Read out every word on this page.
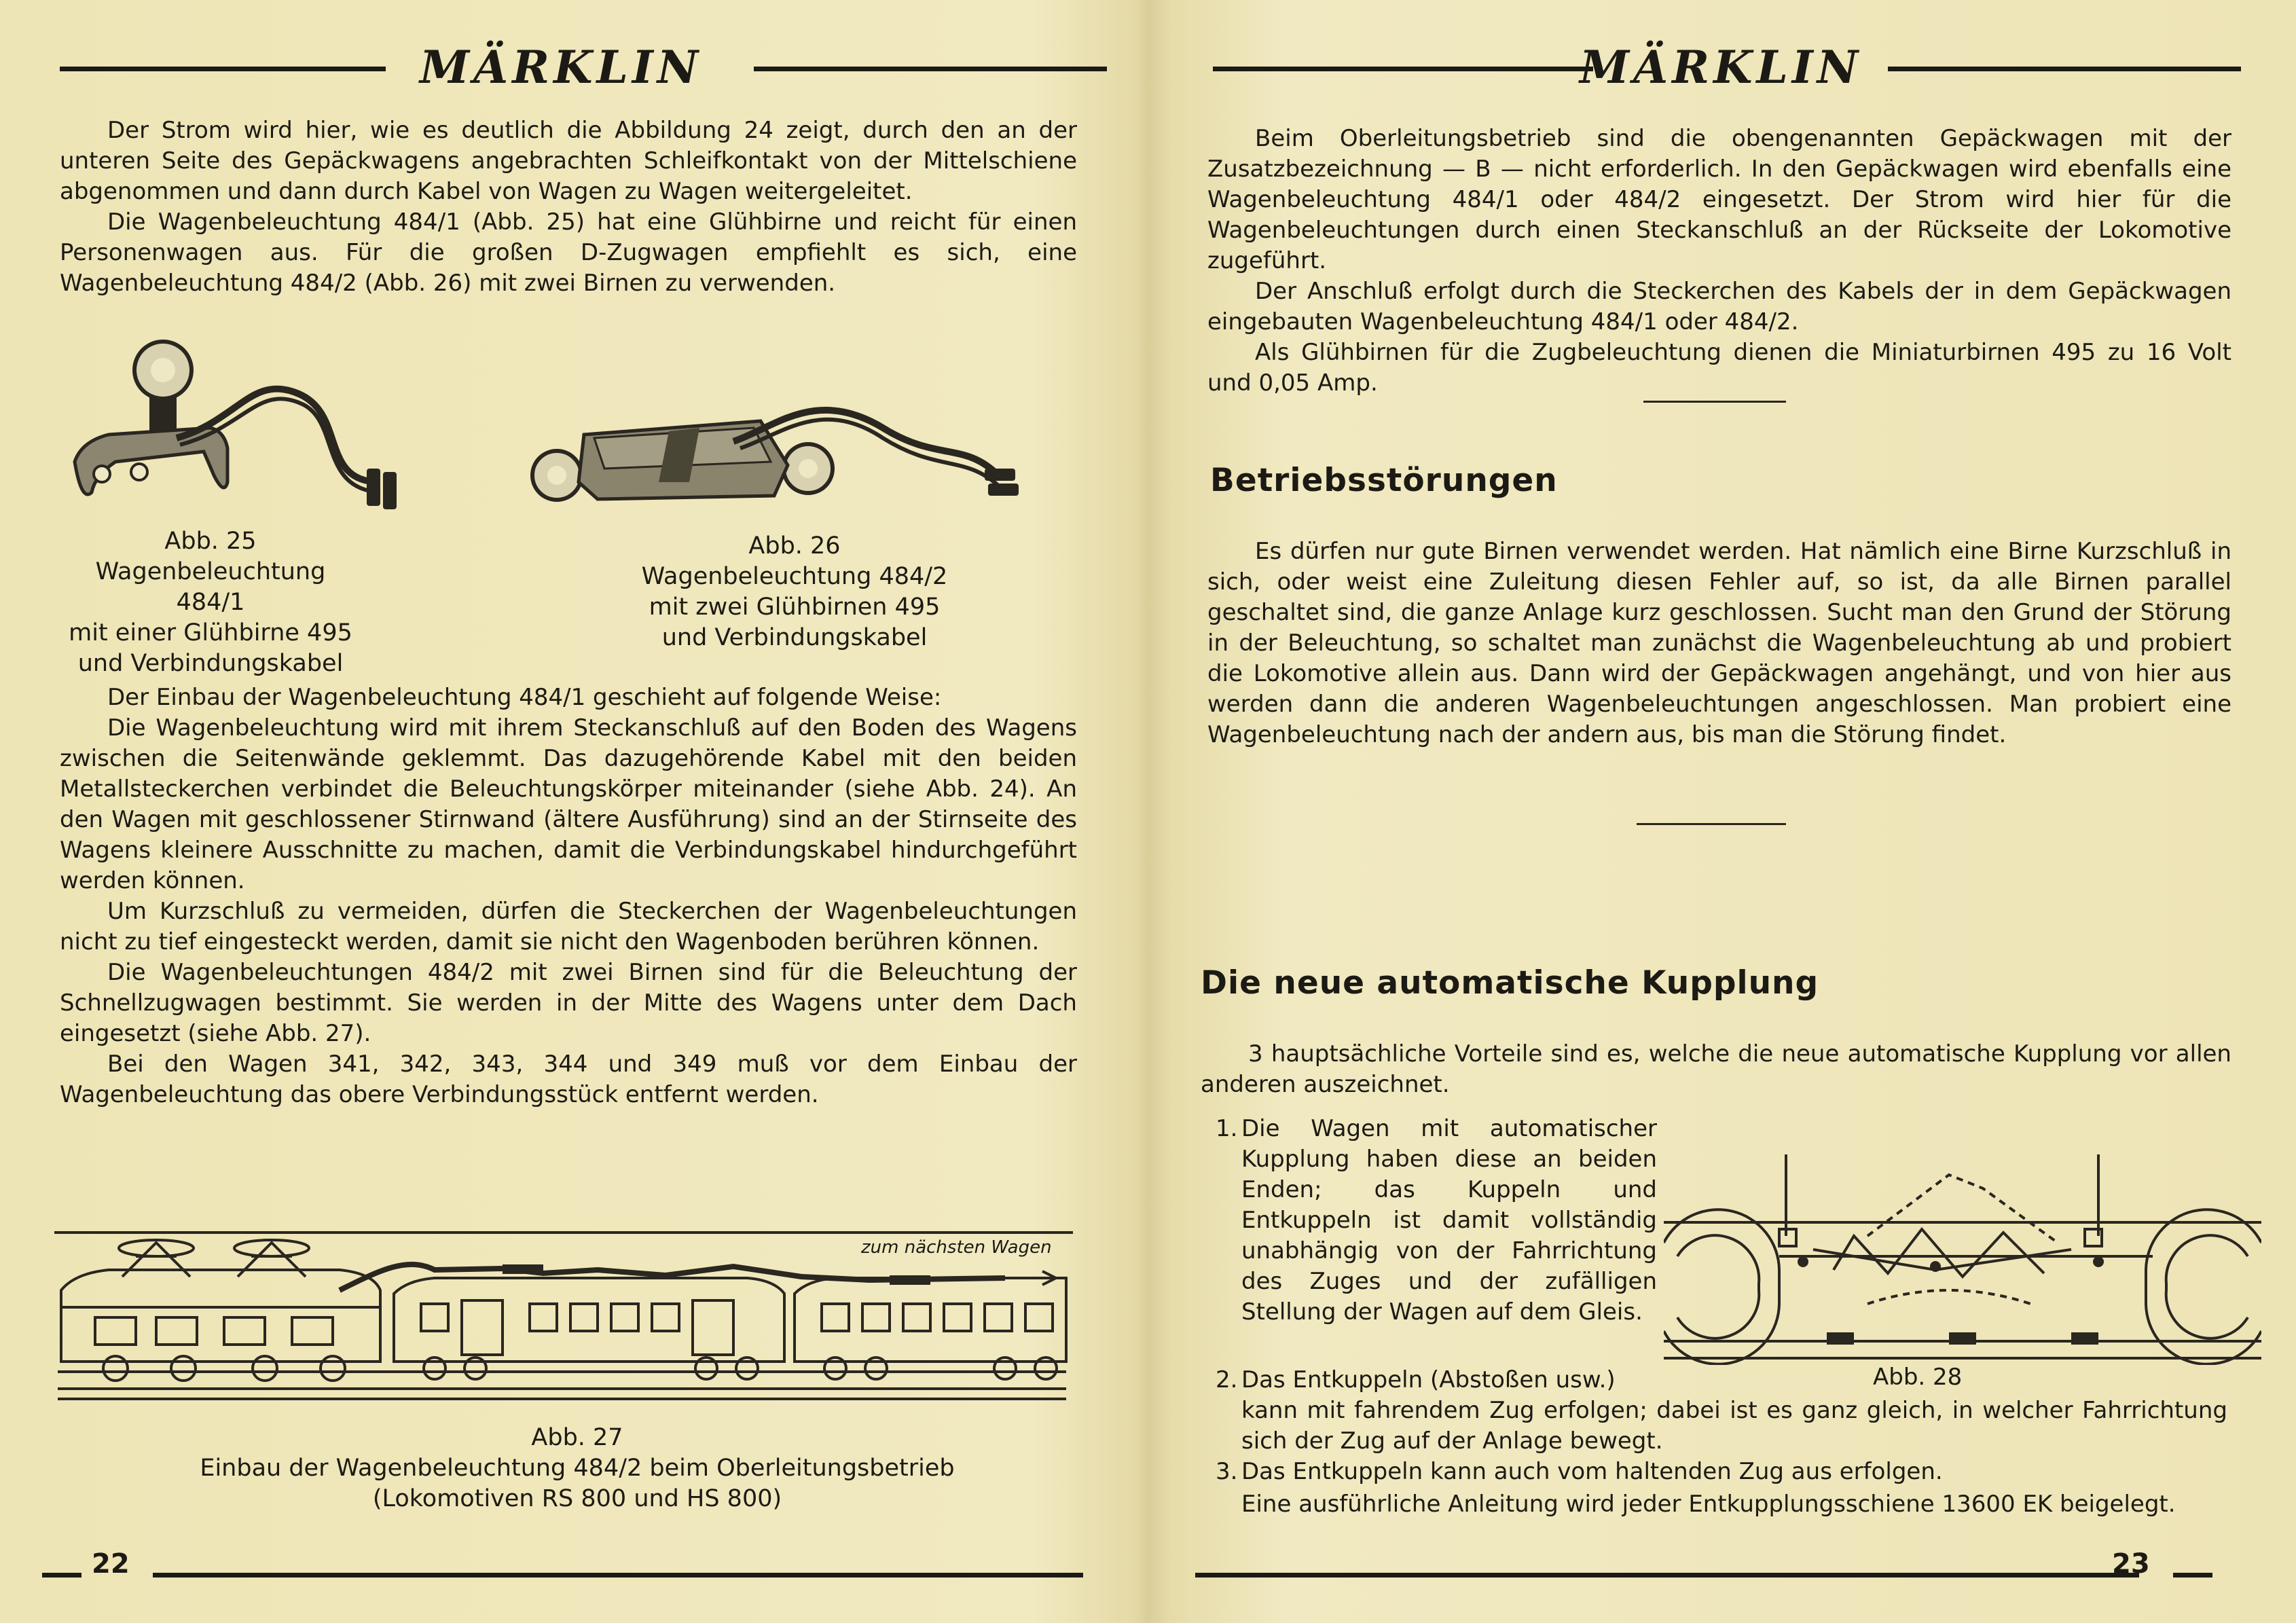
MÄRKLIN

Der Strom wird hier, wie es deutlich die Abbildung 24 zeigt, durch den an der unteren Seite des Gepäckwagens angebrachten Schleifkontakt von der Mittelschiene abgenommen und dann durch Kabel von Wagen zu Wagen weitergeleitet.

Die Wagenbeleuchtung 484/1 (Abb. 25) hat eine Glühbirne und reicht für einen Personenwagen aus. Für die großen D-Zugwagen empfiehlt es sich, eine Wagenbeleuchtung 484/2 (Abb. 26) mit zwei Birnen zu verwenden.

Abb. 25
Wagenbeleuchtung 484/1
mit einer Glühbirne 495
und Verbindungskabel
Abb. 26
Wagenbeleuchtung 484/2
mit zwei Glühbirnen 495
und Verbindungskabel

Der Einbau der Wagenbeleuchtung 484/1 geschieht auf folgende Weise:

Die Wagenbeleuchtung wird mit ihrem Steckanschluß auf den Boden des Wagens zwischen die Seitenwände geklemmt. Das dazugehörende Kabel mit den beiden Metallsteckerchen verbindet die Beleuchtungskörper miteinander (siehe Abb. 24). An den Wagen mit geschlossener Stirnwand (ältere Ausführung) sind an der Stirnseite des Wagens kleinere Ausschnitte zu machen, damit die Verbindungskabel hindurchgeführt werden können.

Um Kurzschluß zu vermeiden, dürfen die Steckerchen der Wagenbeleuchtungen nicht zu tief eingesteckt werden, damit sie nicht den Wagenboden berühren können.

Die Wagenbeleuchtungen 484/2 mit zwei Birnen sind für die Beleuchtung der Schnellzugwagen bestimmt. Sie werden in der Mitte des Wagens unter dem Dach eingesetzt (siehe Abb. 27).

Bei den Wagen 341, 342, 343, 344 und 349 muß vor dem Einbau der Wagenbeleuchtung das obere Verbindungsstück entfernt werden.

zum nächsten Wagen
Abb. 27
Einbau der Wagenbeleuchtung 484/2 beim Oberleitungsbetrieb
(Lokomotiven RS 800 und HS 800)
22
MÄRKLIN

Beim Oberleitungsbetrieb sind die obengenannten Gepäckwagen mit der Zusatzbezeichnung — B — nicht erforderlich. In den Gepäckwagen wird ebenfalls eine Wagenbeleuchtung 484/1 oder 484/2 eingesetzt. Der Strom wird hier für die Wagenbeleuchtungen durch einen Steckanschluß an der Rückseite der Lokomotive zugeführt.

Der Anschluß erfolgt durch die Steckerchen des Kabels der in dem Gepäckwagen eingebauten Wagenbeleuchtung 484/1 oder 484/2.

Als Glühbirnen für die Zugbeleuchtung dienen die Miniaturbirnen 495 zu 16 Volt und 0,05 Amp.

Betriebsstörungen

Es dürfen nur gute Birnen verwendet werden. Hat nämlich eine Birne Kurzschluß in sich, oder weist eine Zuleitung diesen Fehler auf, so ist, da alle Birnen parallel geschaltet sind, die ganze Anlage kurz geschlossen. Sucht man den Grund der Störung in der Beleuchtung, so schaltet man zunächst die Wagenbeleuchtung ab und probiert die Lokomotive allein aus. Dann wird der Gepäckwagen angehängt, und von hier aus werden dann die anderen Wagenbeleuchtungen angeschlossen. Man probiert eine Wagenbeleuchtung nach der andern aus, bis man die Störung findet.

Die neue automatische Kupplung

3 hauptsächliche Vorteile sind es, welche die neue automatische Kupplung vor allen anderen auszeichnet.

1. Die Wagen mit automatischer Kupplung haben diese an beiden Enden; das Kuppeln und Entkuppeln ist damit vollständig unabhängig von der Fahrrichtung des Zuges und der zufälligen Stellung der Wagen auf dem Gleis.
Abb. 28
2. Das Entkuppeln (Abstoßen usw.)
kann mit fahrendem Zug erfolgen; dabei ist es ganz gleich, in welcher Fahrrichtung sich der Zug auf der Anlage bewegt.
3. Das Entkuppeln kann auch vom haltenden Zug aus erfolgen.

Eine ausführliche Anleitung wird jeder Entkupplungsschiene 13600 EK beigelegt.

23
